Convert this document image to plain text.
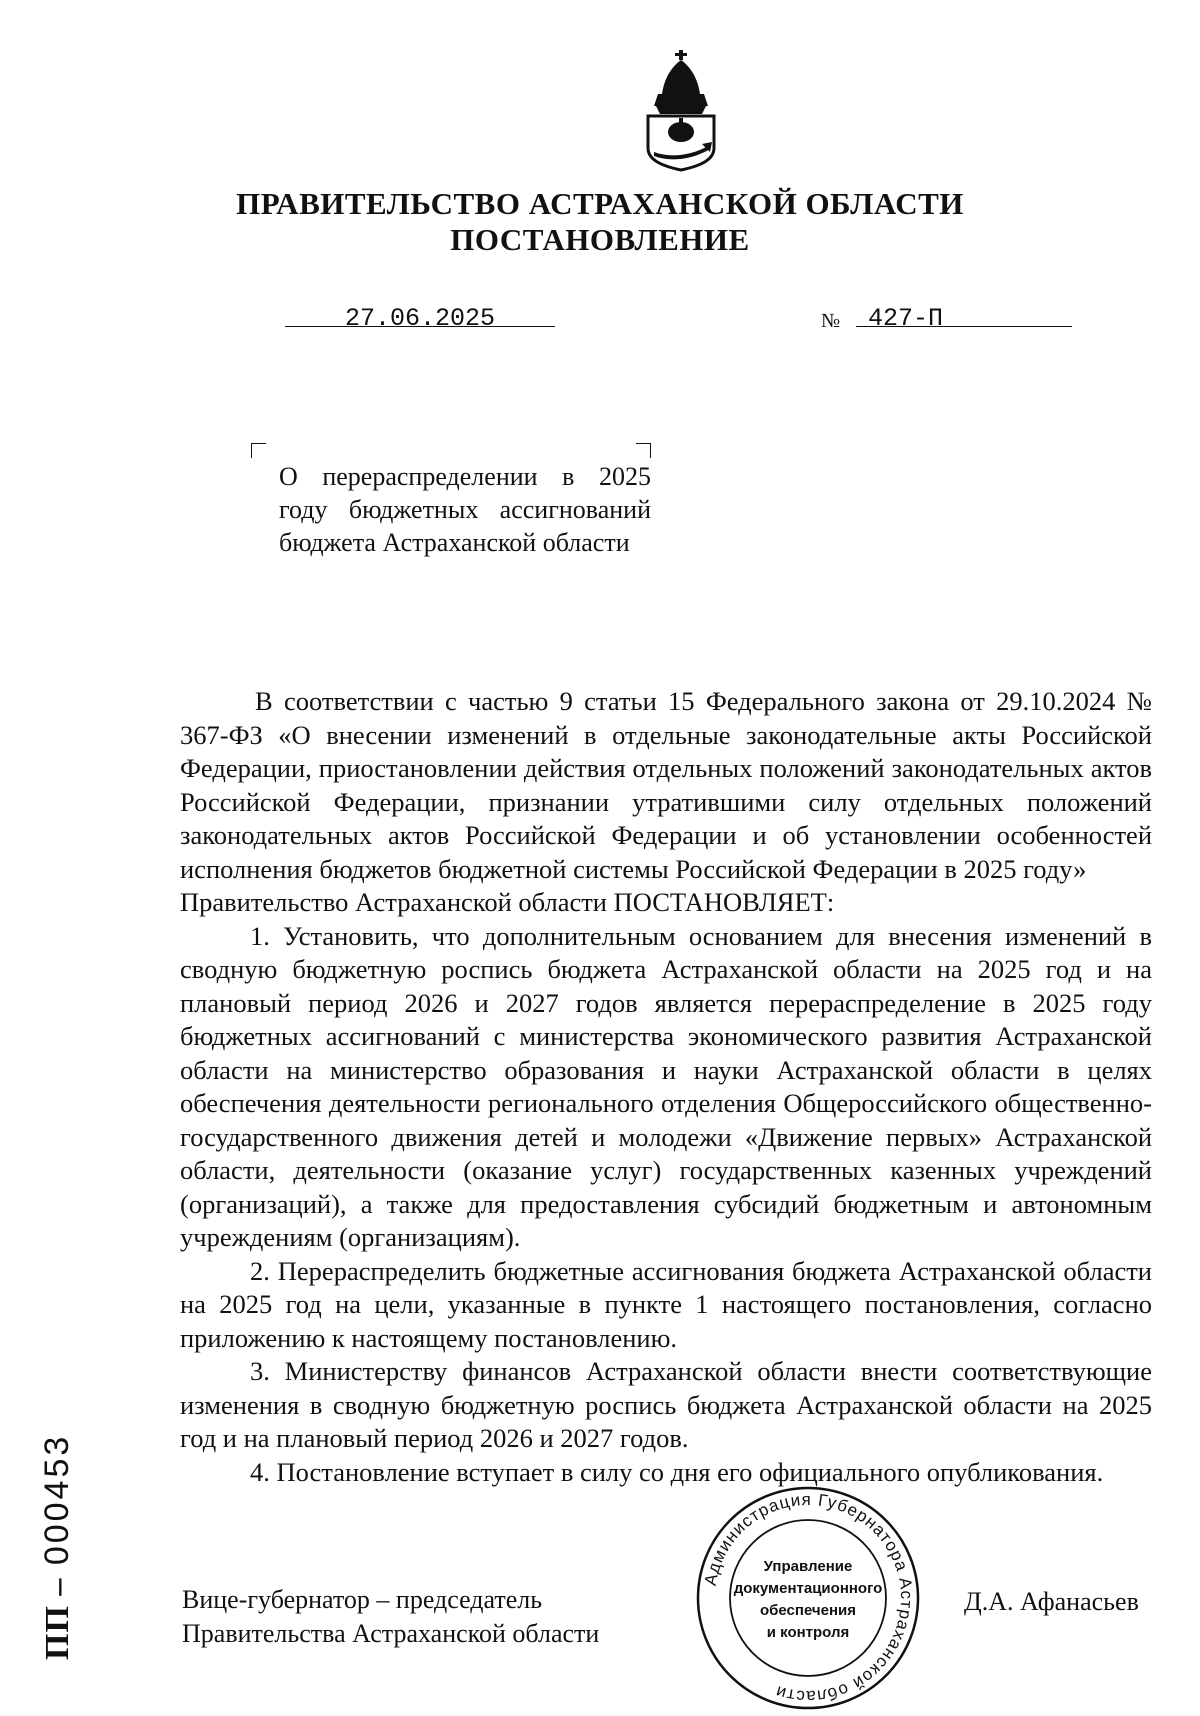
ПРАВИТЕЛЬСТВО АСТРАХАНСКОЙ ОБЛАСТИ
ПОСТАНОВЛЕНИЕ
27.06.2025	№ 427-П
О перераспределении в 2025 году бюджетных ассигнований бюджета Астраханской области

В соответствии с частью 9 статьи 15 Федерального закона от 29.10.2024 № 367-ФЗ «О внесении изменений в отдельные законодательные акты Российской Федерации, приостановлении действия отдельных положений законодательных актов Российской Федерации, признании утратившими силу отдельных положений законодательных актов Российской Федерации и об установлении особенностей исполнения бюджетов бюджетной системы Российской Федерации в 2025 году»

Правительство Астраханской области ПОСТАНОВЛЯЕТ:

1. Установить, что дополнительным основанием для внесения изменений в сводную бюджетную роспись бюджета Астраханской области на 2025 год и на плановый период 2026 и 2027 годов является перераспределение в 2025 году бюджетных ассигнований с министерства экономического развития Астраханской области на министерство образования и науки Астраханской области в целях обеспечения деятельности регионального отделения Общероссийского общественно-государственного движения детей и молодежи «Движение первых» Астраханской области, деятельности (оказание услуг) государственных казенных учреждений (организаций), а также для предоставления субсидий бюджетным и автономным учреждениям (организациям).

2. Перераспределить бюджетные ассигнования бюджета Астраханской области на 2025 год на цели, указанные в пункте 1 настоящего постановления, согласно приложению к настоящему постановлению.

3. Министерству финансов Астраханской области внести соответствующие изменения в сводную бюджетную роспись бюджета Астраханской области на 2025 год и на плановый период 2026 и 2027 годов.

4. Постановление вступает в силу со дня его официального опубликования.

Вице-губернатор – председатель
Правительства Астраханской области
Д.А. Афанасьев
Администрация Губернатора Астраханской области
Управление
документационного
обеспечения
и контроля
ПП – 000453
